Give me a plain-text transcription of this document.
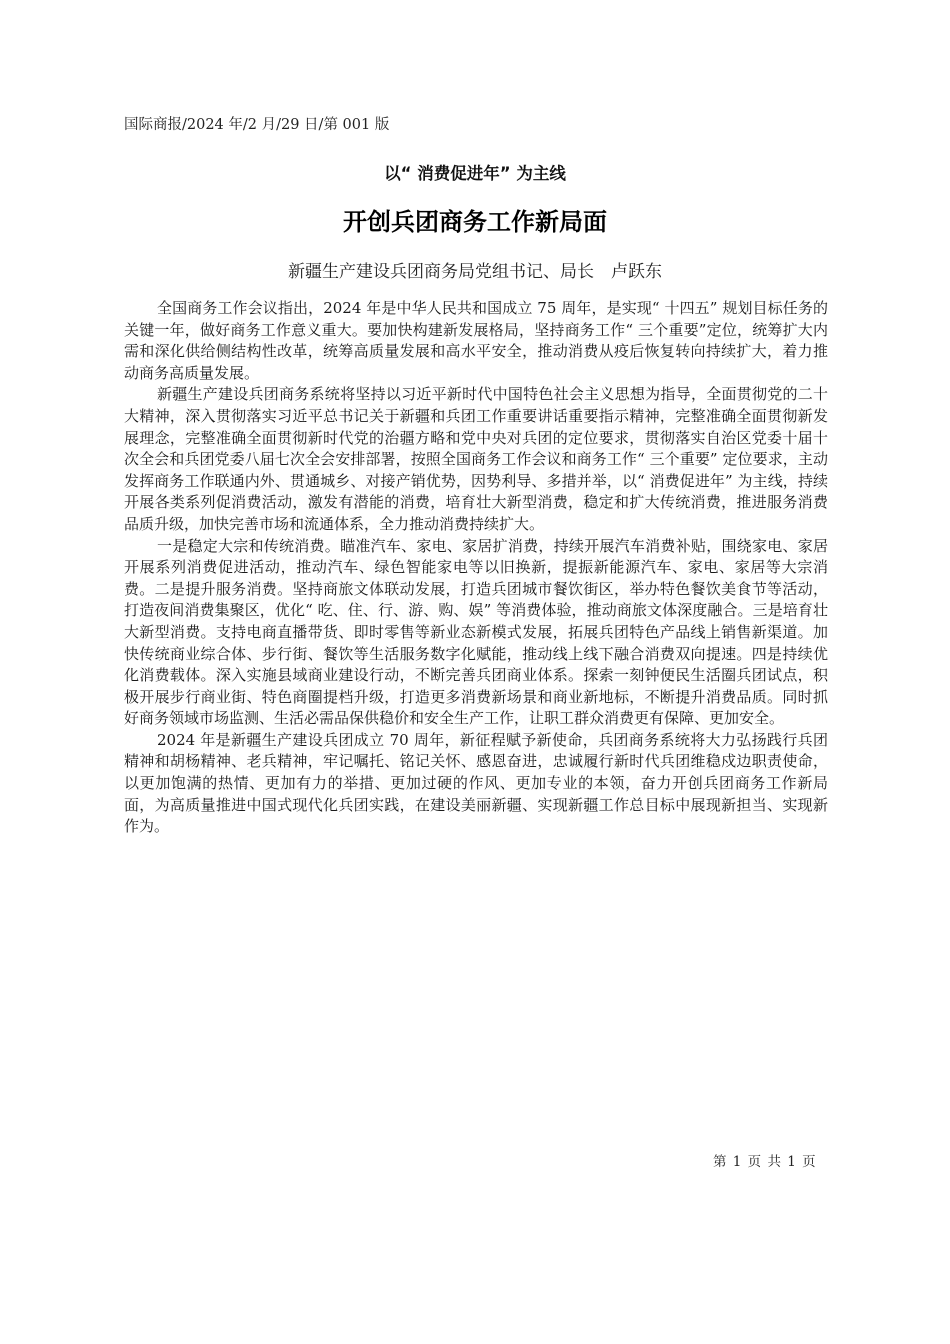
国际商报/2024 年/2 月/29 日/第 001 版
以“ 消费促进年” 为主线
开创兵团商务工作新局面
新疆生产建设兵团商务局党组书记、局长　卢跃东

全国商务工作会议指出，2024 年是中华人民共和国成立 75 周年，是实现“ 十四五” 规划目标任务的关键一年，做好商务工作意义重大。要加快构建新发展格局，坚持商务工作“ 三个重要”定位，统筹扩大内需和深化供给侧结构性改革，统筹高质量发展和高水平安全，推动消费从疫后恢复转向持续扩大，着力推动商务高质量发展。

新疆生产建设兵团商务系统将坚持以习近平新时代中国特色社会主义思想为指导，全面贯彻党的二十大精神，深入贯彻落实习近平总书记关于新疆和兵团工作重要讲话重要指示精神，完整准确全面贯彻新发展理念，完整准确全面贯彻新时代党的治疆方略和党中央对兵团的定位要求，贯彻落实自治区党委十届十次全会和兵团党委八届七次全会安排部署，按照全国商务工作会议和商务工作“ 三个重要” 定位要求，主动发挥商务工作联通内外、贯通城乡、对接产销优势，因势利导、多措并举，以“ 消费促进年” 为主线，持续开展各类系列促消费活动，激发有潜能的消费，培育壮大新型消费，稳定和扩大传统消费，推进服务消费品质升级，加快完善市场和流通体系，全力推动消费持续扩大。

一是稳定大宗和传统消费。瞄准汽车、家电、家居扩消费，持续开展汽车消费补贴，围绕家电、家居开展系列消费促进活动，推动汽车、绿色智能家电等以旧换新，提振新能源汽车、家电、家居等大宗消费。二是提升服务消费。坚持商旅文体联动发展，打造兵团城市餐饮街区，举办特色餐饮美食节等活动，打造夜间消费集聚区，优化“ 吃、住、行、游、购、娱” 等消费体验，推动商旅文体深度融合。三是培育壮大新型消费。支持电商直播带货、即时零售等新业态新模式发展，拓展兵团特色产品线上销售新渠道。加快传统商业综合体、步行街、餐饮等生活服务数字化赋能，推动线上线下融合消费双向提速。四是持续优化消费载体。深入实施县域商业建设行动，不断完善兵团商业体系。探索一刻钟便民生活圈兵团试点，积极开展步行商业街、特色商圈提档升级，打造更多消费新场景和商业新地标，不断提升消费品质。同时抓好商务领域市场监测、生活必需品保供稳价和安全生产工作，让职工群众消费更有保障、更加安全。

2024 年是新疆生产建设兵团成立 70 周年，新征程赋予新使命，兵团商务系统将大力弘扬践行兵团精神和胡杨精神、老兵精神，牢记嘱托、铭记关怀、感恩奋进，忠诚履行新时代兵团维稳戍边职责使命，以更加饱满的热情、更加有力的举措、更加过硬的作风、更加专业的本领，奋力开创兵团商务工作新局面，为高质量推进中国式现代化兵团实践，在建设美丽新疆、实现新疆工作总目标中展现新担当、实现新作为。

第 1 页 共 1 页
